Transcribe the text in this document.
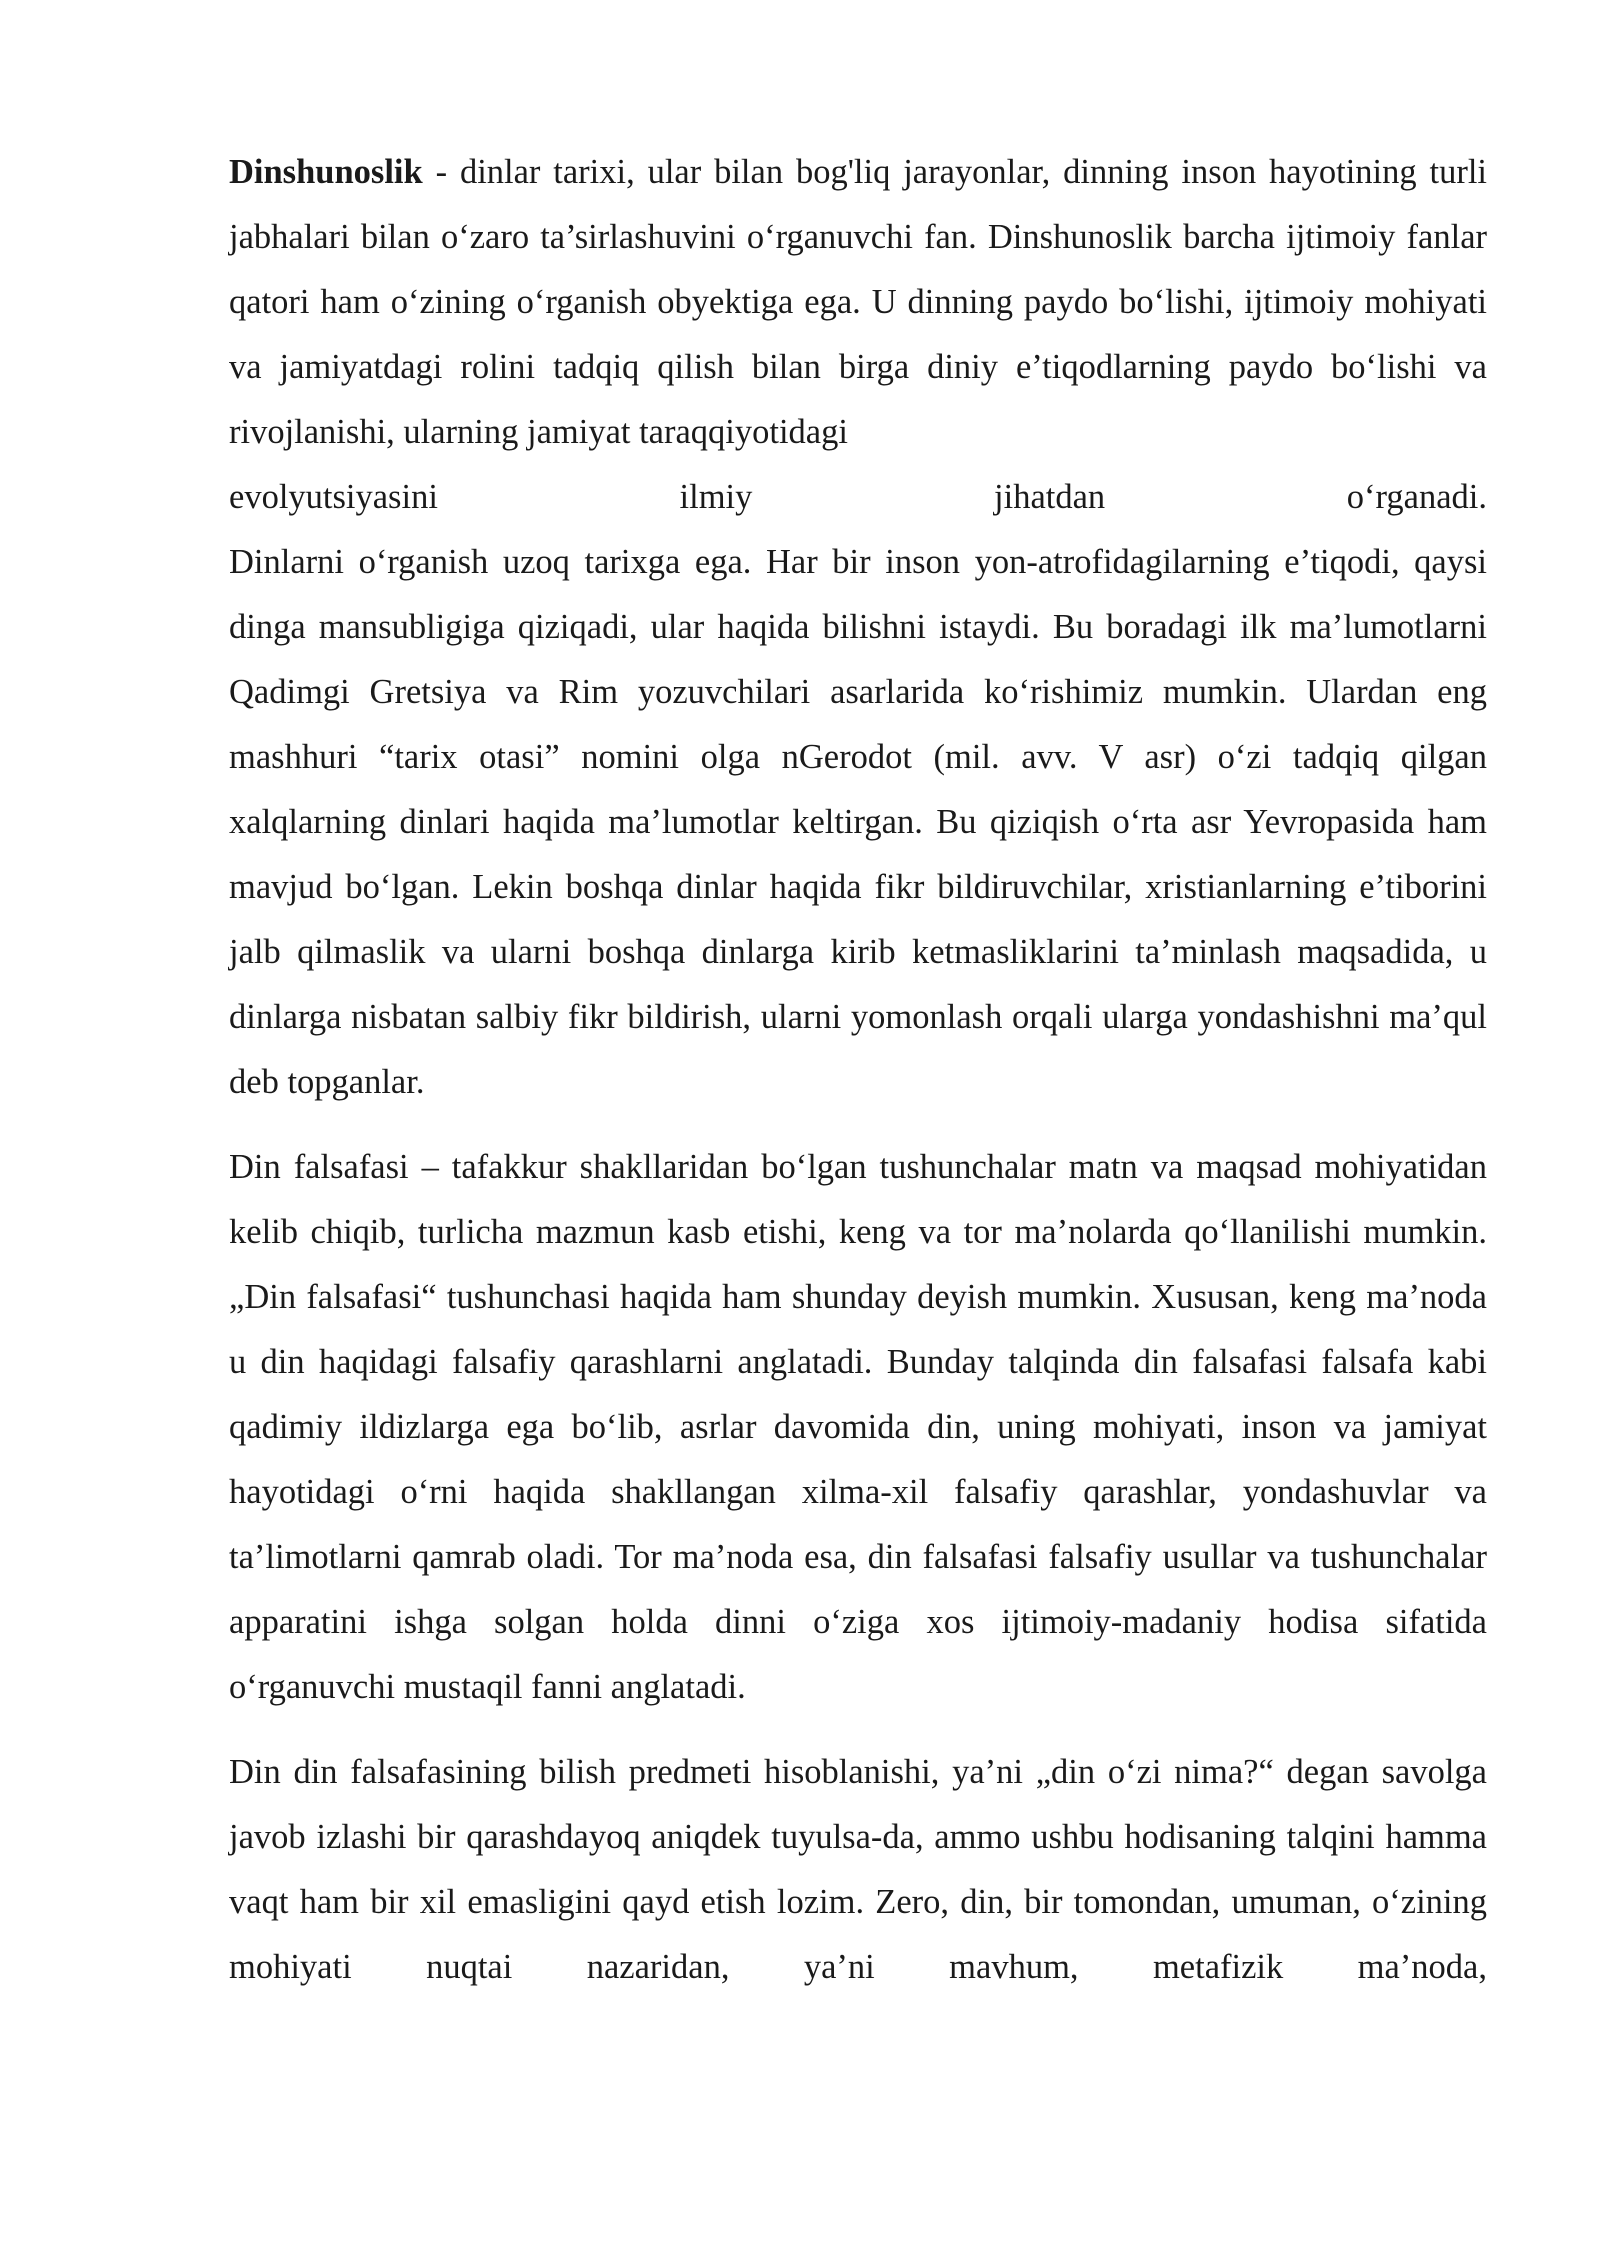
Dinshunoslik - dinlar tarixi, ular bilan bog'liq jarayonlar, dinning inson hayotining turli jabhalari bilan o‘zaro ta’sirlashuvini o‘rganuvchi fan. Dinshunoslik barcha ijtimoiy fanlar qatori ham o‘zining o‘rganish obyektiga ega. U dinning paydo bo‘lishi, ijtimoiy mohiyati va jamiyatdagi rolini tadqiq qilish bilan birga diniy e’tiqodlarning paydo bo‘lishi va rivojlanishi, ularning jamiyat taraqqiyotidagi
evolyutsiyasini ilmiy jihatdan o‘rganadi.
Dinlarni o‘rganish uzoq tarixga ega. Har bir inson yon-atrofidagilarning e’tiqodi, qaysi dinga mansubligiga qiziqadi, ular haqida bilishni istaydi. Bu boradagi ilk ma’lumotlarni Qadimgi Gretsiya va Rim yozuvchilari asarlarida ko‘rishimiz mumkin. Ulardan eng mashhuri “tarix otasi” nomini olga nGerodot (mil. avv. V asr) o‘zi tadqiq qilgan xalqlarning dinlari haqida ma’lumotlar keltirgan. Bu qiziqish o‘rta asr Yevropasida ham mavjud bo‘lgan. Lekin boshqa dinlar haqida fikr bildiruvchilar, xristianlarning e’tiborini jalb qilmaslik va ularni boshqa dinlarga kirib ketmasliklarini ta’minlash maqsadida, u dinlarga nisbatan salbiy fikr bildirish, ularni yomonlash orqali ularga yondashishni ma’qul deb topganlar.
Din falsafasi – tafakkur shakllaridan bo‘lgan tushunchalar matn va maqsad mohiyatidan kelib chiqib, turlicha mazmun kasb etishi, keng va tor ma’nolarda qo‘llanilishi mumkin. „Din falsafasi“ tushunchasi haqida ham shunday deyish mumkin. Xususan, keng ma’noda u din haqidagi falsafiy qarashlarni anglatadi. Bunday talqinda din falsafasi falsafa kabi qadimiy ildizlarga ega bo‘lib, asrlar davomida din, uning mohiyati, inson va jamiyat hayotidagi o‘rni haqida shakllangan xilma-xil falsafiy qarashlar, yondashuvlar va ta’limotlarni qamrab oladi. Tor ma’noda esa, din falsafasi falsafiy usullar va tushunchalar apparatini ishga solgan holda dinni o‘ziga xos ijtimoiy-madaniy hodisa sifatida o‘rganuvchi mustaqil fanni anglatadi.
Din din falsafasining bilish predmeti hisoblanishi, ya’ni „din o‘zi nima?“ degan savolga javob izlashi bir qarashdayoq aniqdek tuyulsa-da, ammo ushbu hodisaning talqini hamma vaqt ham bir xil emasligini qayd etish lozim. Zero, din, bir tomondan, umuman, o‘zining mohiyati nuqtai nazaridan, ya’ni mavhum, metafizik ma’noda,
